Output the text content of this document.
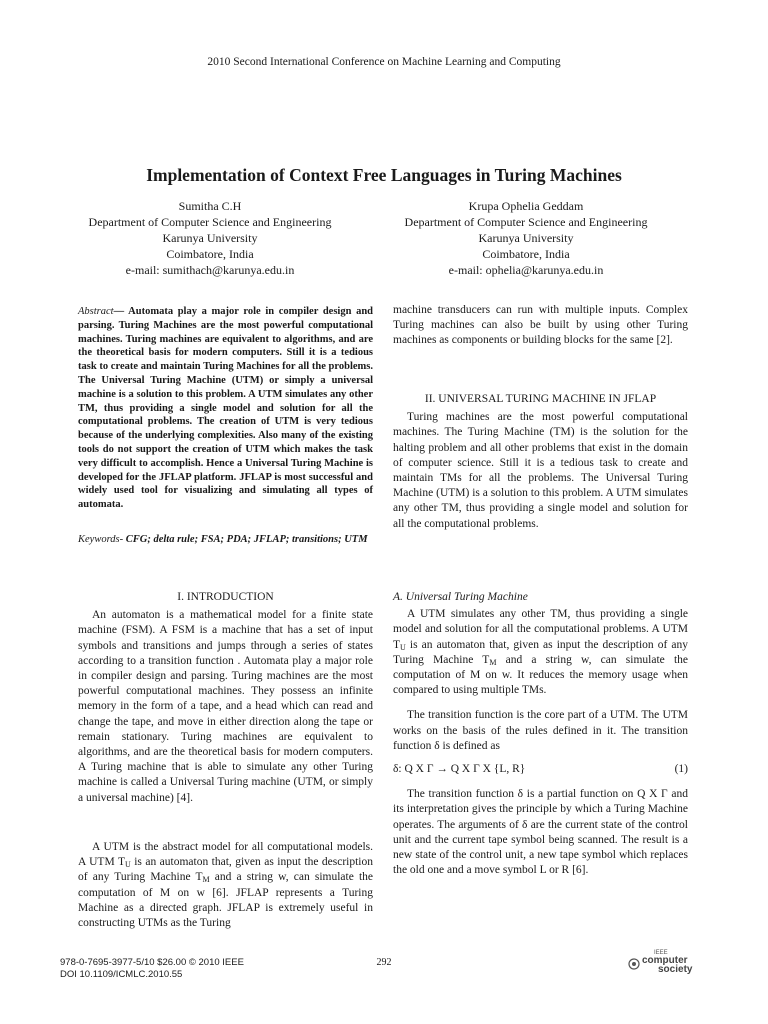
2010 Second International Conference on Machine Learning and Computing
Implementation of Context Free Languages in Turing Machines
Sumitha C.H
Department of Computer Science and Engineering
Karunya University
Coimbatore, India
e-mail: sumithach@karunya.edu.in
Krupa Ophelia Geddam
Department of Computer Science and Engineering
Karunya University
Coimbatore, India
e-mail: ophelia@karunya.edu.in
Abstract— Automata play a major role in compiler design and parsing. Turing Machines are the most powerful computational machines. Turing machines are equivalent to algorithms, and are the theoretical basis for modern computers. Still it is a tedious task to create and maintain Turing Machines for all the problems. The Universal Turing Machine (UTM) or simply a universal machine is a solution to this problem. A UTM simulates any other TM, thus providing a single model and solution for all the computational problems. The creation of UTM is very tedious because of the underlying complexities. Also many of the existing tools do not support the creation of UTM which makes the task very difficult to accomplish. Hence a Universal Turing Machine is developed for the JFLAP platform. JFLAP is most successful and widely used tool for visualizing and simulating all types of automata.
Keywords- CFG; delta rule; FSA; PDA; JFLAP; transitions; UTM
I. INTRODUCTION
An automaton is a mathematical model for a finite state machine (FSM). A FSM is a machine that has a set of input symbols and transitions and jumps through a series of states according to a transition function . Automata play a major role in compiler design and parsing. Turing machines are the most powerful computational machines. They possess an infinite memory in the form of a tape, and a head which can read and change the tape, and move in either direction along the tape or remain stationary. Turing machines are equivalent to algorithms, and are the theoretical basis for modern computers. A Turing machine that is able to simulate any other Turing machine is called a Universal Turing machine (UTM, or simply a universal machine) [4].
A UTM is the abstract model for all computational models. A UTM $T_U$ is an automaton that, given as input the description of any Turing Machine $T_M$ and a string w, can simulate the computation of M on w [6]. JFLAP represents a Turing Machine as a directed graph. JFLAP is extremely useful in constructing UTMs as the Turing
machine transducers can run with multiple inputs. Complex Turing machines can also be built by using other Turing machines as components or building blocks for the same [2].
II. UNIVERSAL TURING MACHINE IN JFLAP
Turing machines are the most powerful computational machines. The Turing Machine (TM) is the solution for the halting problem and all other problems that exist in the domain of computer science. Still it is a tedious task to create and maintain TMs for all the problems. The Universal Turing Machine (UTM) is a solution to this problem. A UTM simulates any other TM, thus providing a single model and solution for all the computational problems.
A. Universal Turing Machine
A UTM simulates any other TM, thus providing a single model and solution for all the computational problems. A UTM $T_U$ is an automaton that, given as input the description of any Turing Machine $T_M$ and a string w, can simulate the computation of M on w. It reduces the memory usage when compared to using multiple TMs.
The transition function is the core part of a UTM. The UTM works on the basis of the rules defined in it. The transition function δ is defined as
δ: Q X Γ → Q X Γ X {L, R}	(1)
The transition function δ is a partial function on Q X Γ and its interpretation gives the principle by which a Turing Machine operates. The arguments of δ are the current state of the control unit and the current tape symbol being scanned. The result is a new state of the control unit, a new tape symbol which replaces the old one and a move symbol L or R [6].
978-0-7695-3977-5/10 $26.00 © 2010 IEEE
DOI 10.1109/ICMLC.2010.55
292
IEEE
computer
society
